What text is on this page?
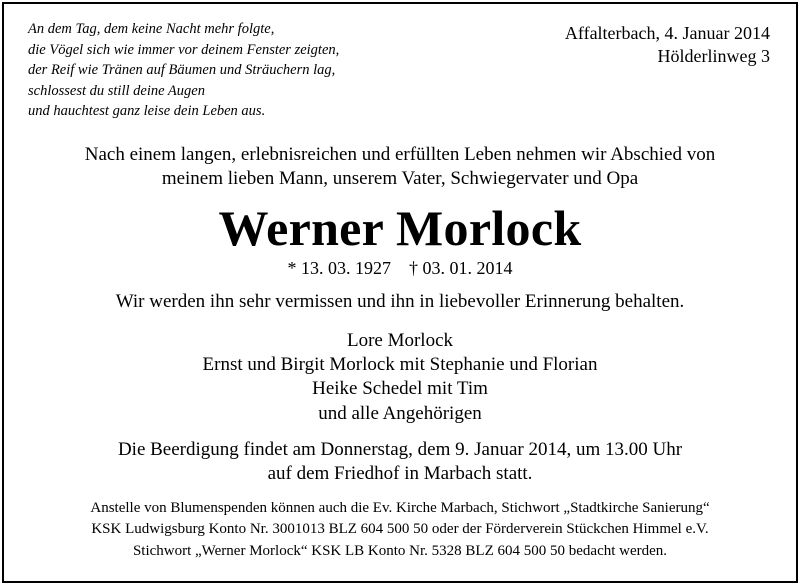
An dem Tag, dem keine Nacht mehr folgte,
die Vögel sich wie immer vor deinem Fenster zeigten,
der Reif wie Tränen auf Bäumen und Sträuchern lag,
schlossest du still deine Augen
und hauchtest ganz leise dein Leben aus.
Affalterbach, 4. Januar 2014
Hölderlinweg 3
Nach einem langen, erlebnisreichen und erfüllten Leben nehmen wir Abschied von
meinem lieben Mann, unserem Vater, Schwiegervater und Opa
Werner Morlock
* 13. 03. 1927 † 03. 01. 2014
Wir werden ihn sehr vermissen und ihn in liebevoller Erinnerung behalten.
Lore Morlock
Ernst und Birgit Morlock mit Stephanie und Florian
Heike Schedel mit Tim
und alle Angehörigen
Die Beerdigung findet am Donnerstag, dem 9. Januar 2014, um 13.00 Uhr
auf dem Friedhof in Marbach statt.
Anstelle von Blumenspenden können auch die Ev. Kirche Marbach, Stichwort „Stadtkirche Sanierung“
KSK Ludwigsburg Konto Nr. 3001013 BLZ 604 500 50 oder der Förderverein Stückchen Himmel e.V.
Stichwort „Werner Morlock“ KSK LB Konto Nr. 5328 BLZ 604 500 50 bedacht werden.
